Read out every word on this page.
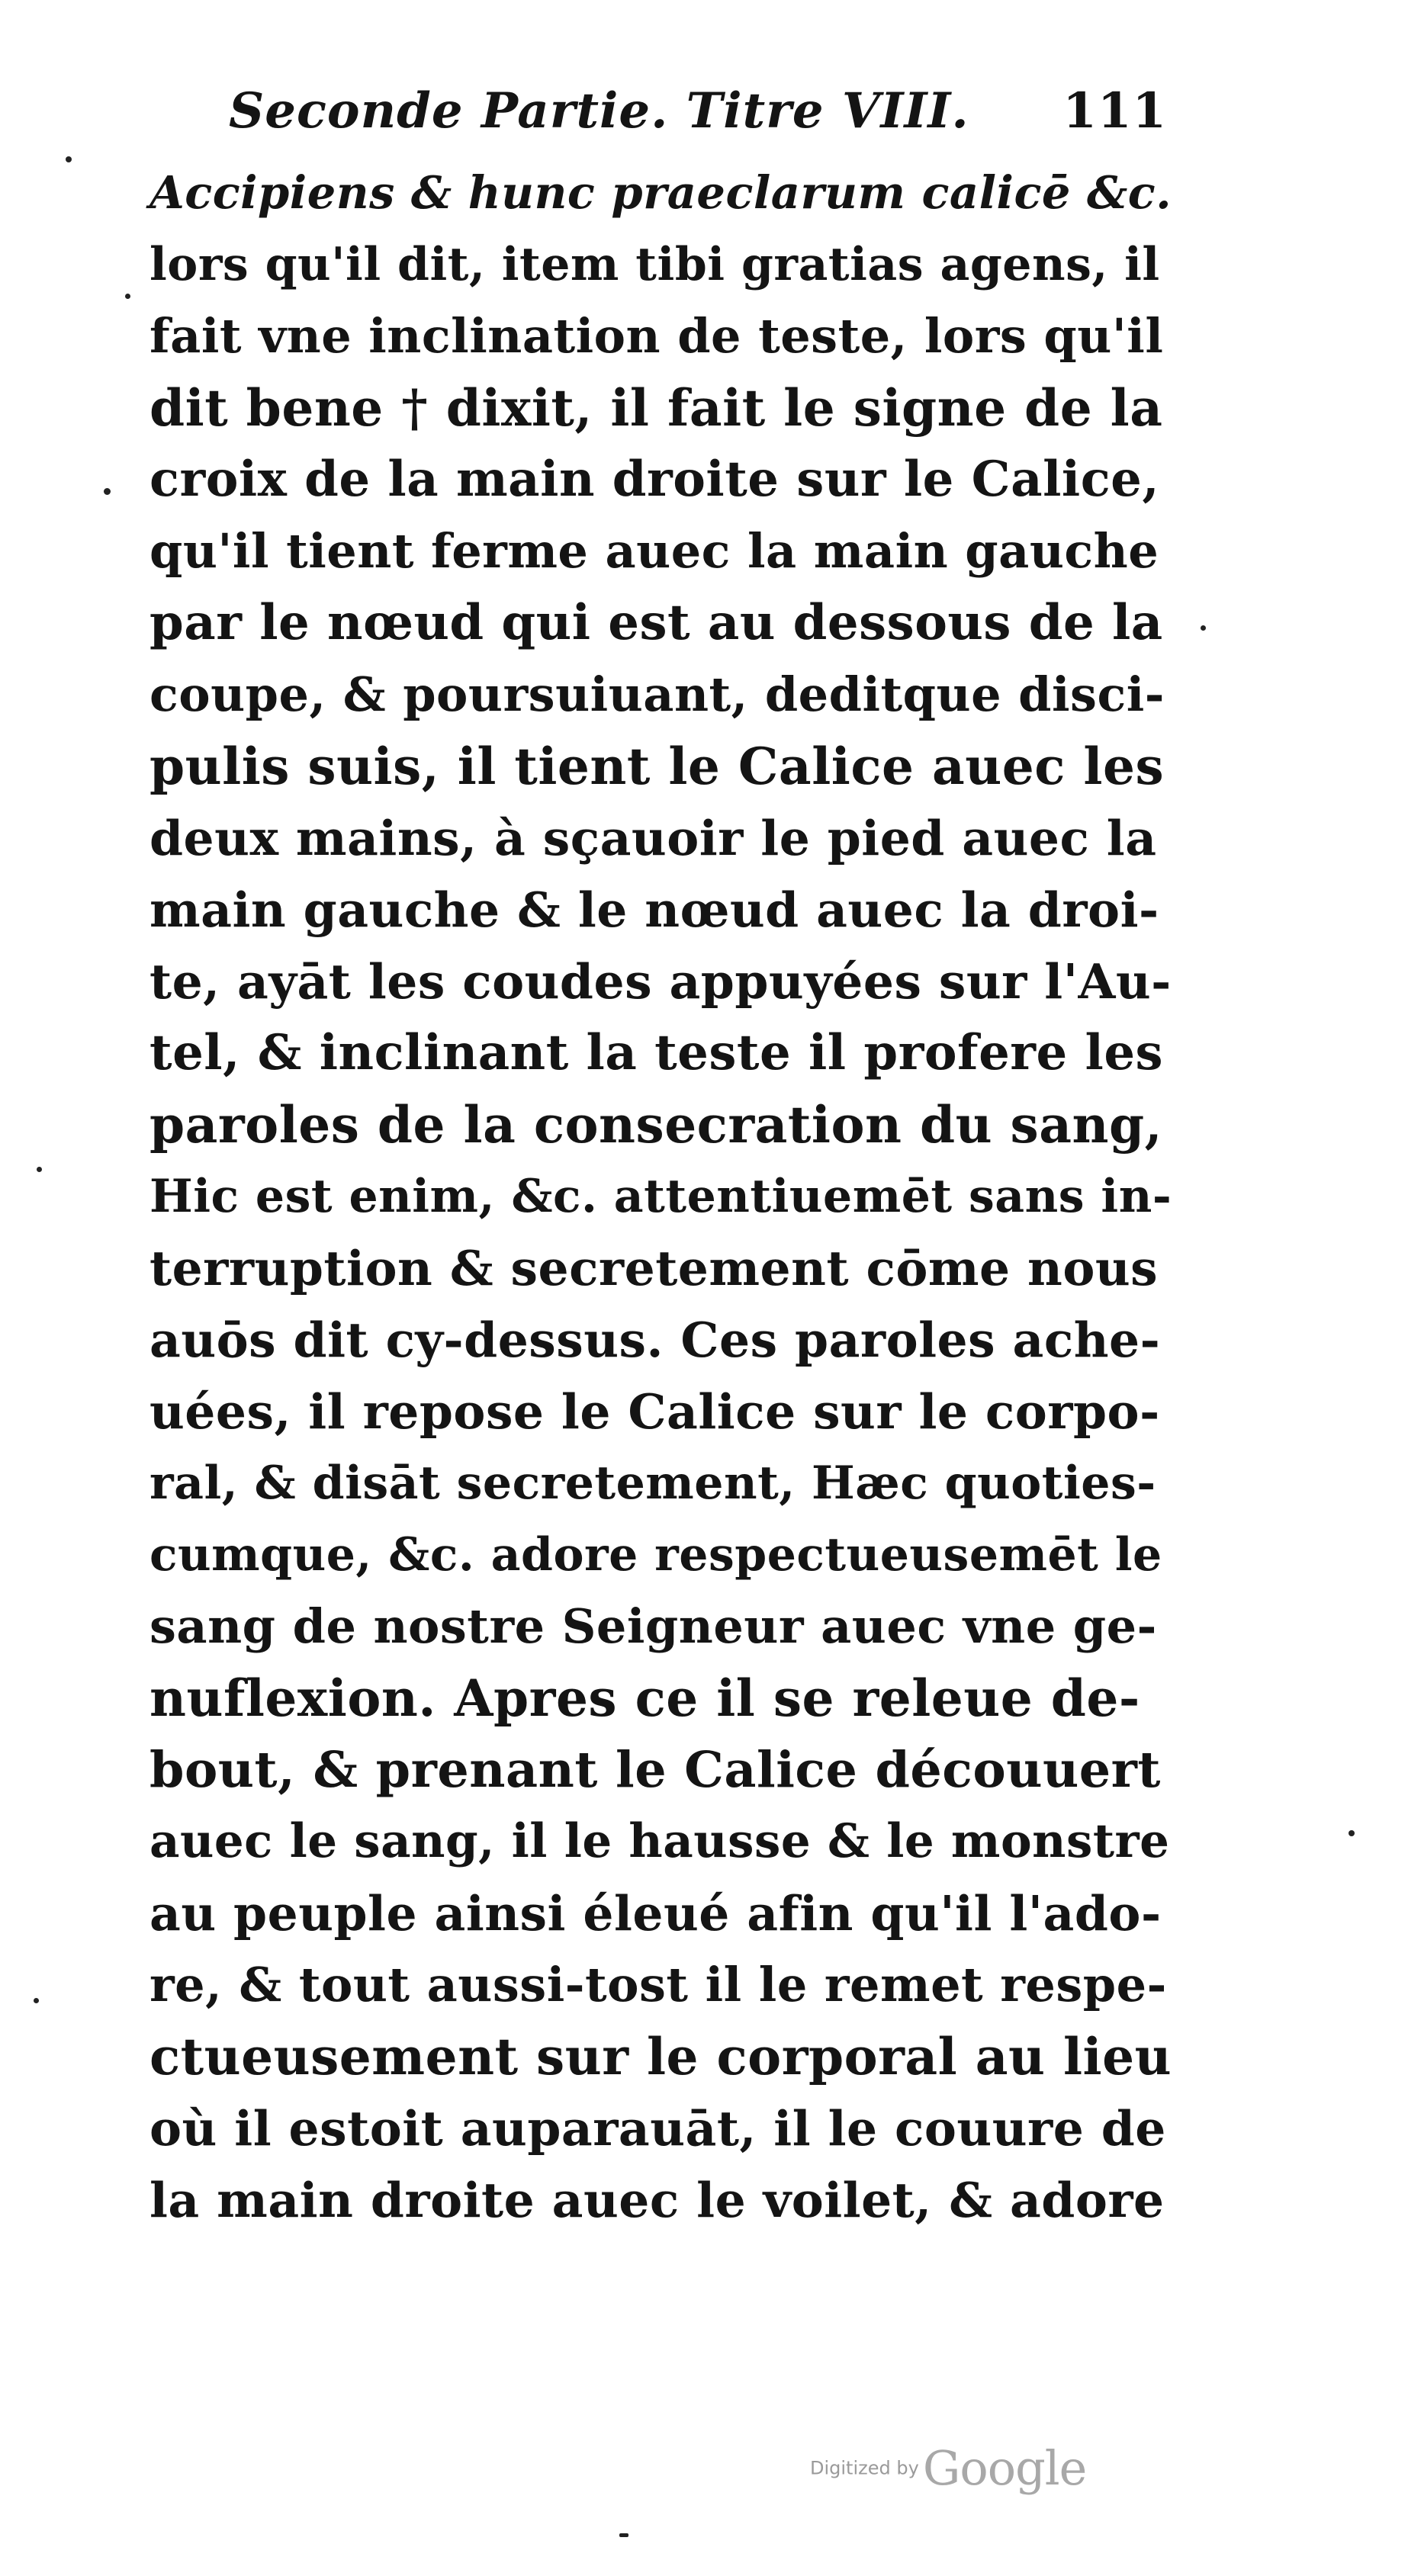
Seconde Partie. Titre VIII. 111
Accipiens & hunc praeclarum calicē &c.
lors qu'il dit, item tibi gratias agens, il
fait vne inclination de teste, lors qu'il
dit bene † dixit, il fait le signe de la
croix de la main droite sur le Calice,
qu'il tient ferme auec la main gauche
par le nœud qui est au dessous de la
coupe, & poursuiuant, deditque disci-
pulis suis, il tient le Calice auec les
deux mains, à sçauoir le pied auec la
main gauche & le nœud auec la droi-
te, ayāt les coudes appuyées sur l'Au-
tel, & inclinant la teste il profere les
paroles de la consecration du sang,
Hic est enim, &c. attentiuemēt sans in-
terruption & secretement cōme nous
auōs dit cy-dessus. Ces paroles ache-
uées, il repose le Calice sur le corpo-
ral, & disāt secretement, Hæc quoties-
cumque, &c. adore respectueusemēt le
sang de nostre Seigneur auec vne ge-
nuflexion. Apres ce il se releue de-
bout, & prenant le Calice découuert
auec le sang, il le hausse & le monstre
au peuple ainsi éleué afin qu'il l'ado-
re, & tout aussi-tost il le remet respe-
ctueusement sur le corporal au lieu
où il estoit auparauāt, il le couure de
la main droite auec le voilet, & adore
Digitized by Google
